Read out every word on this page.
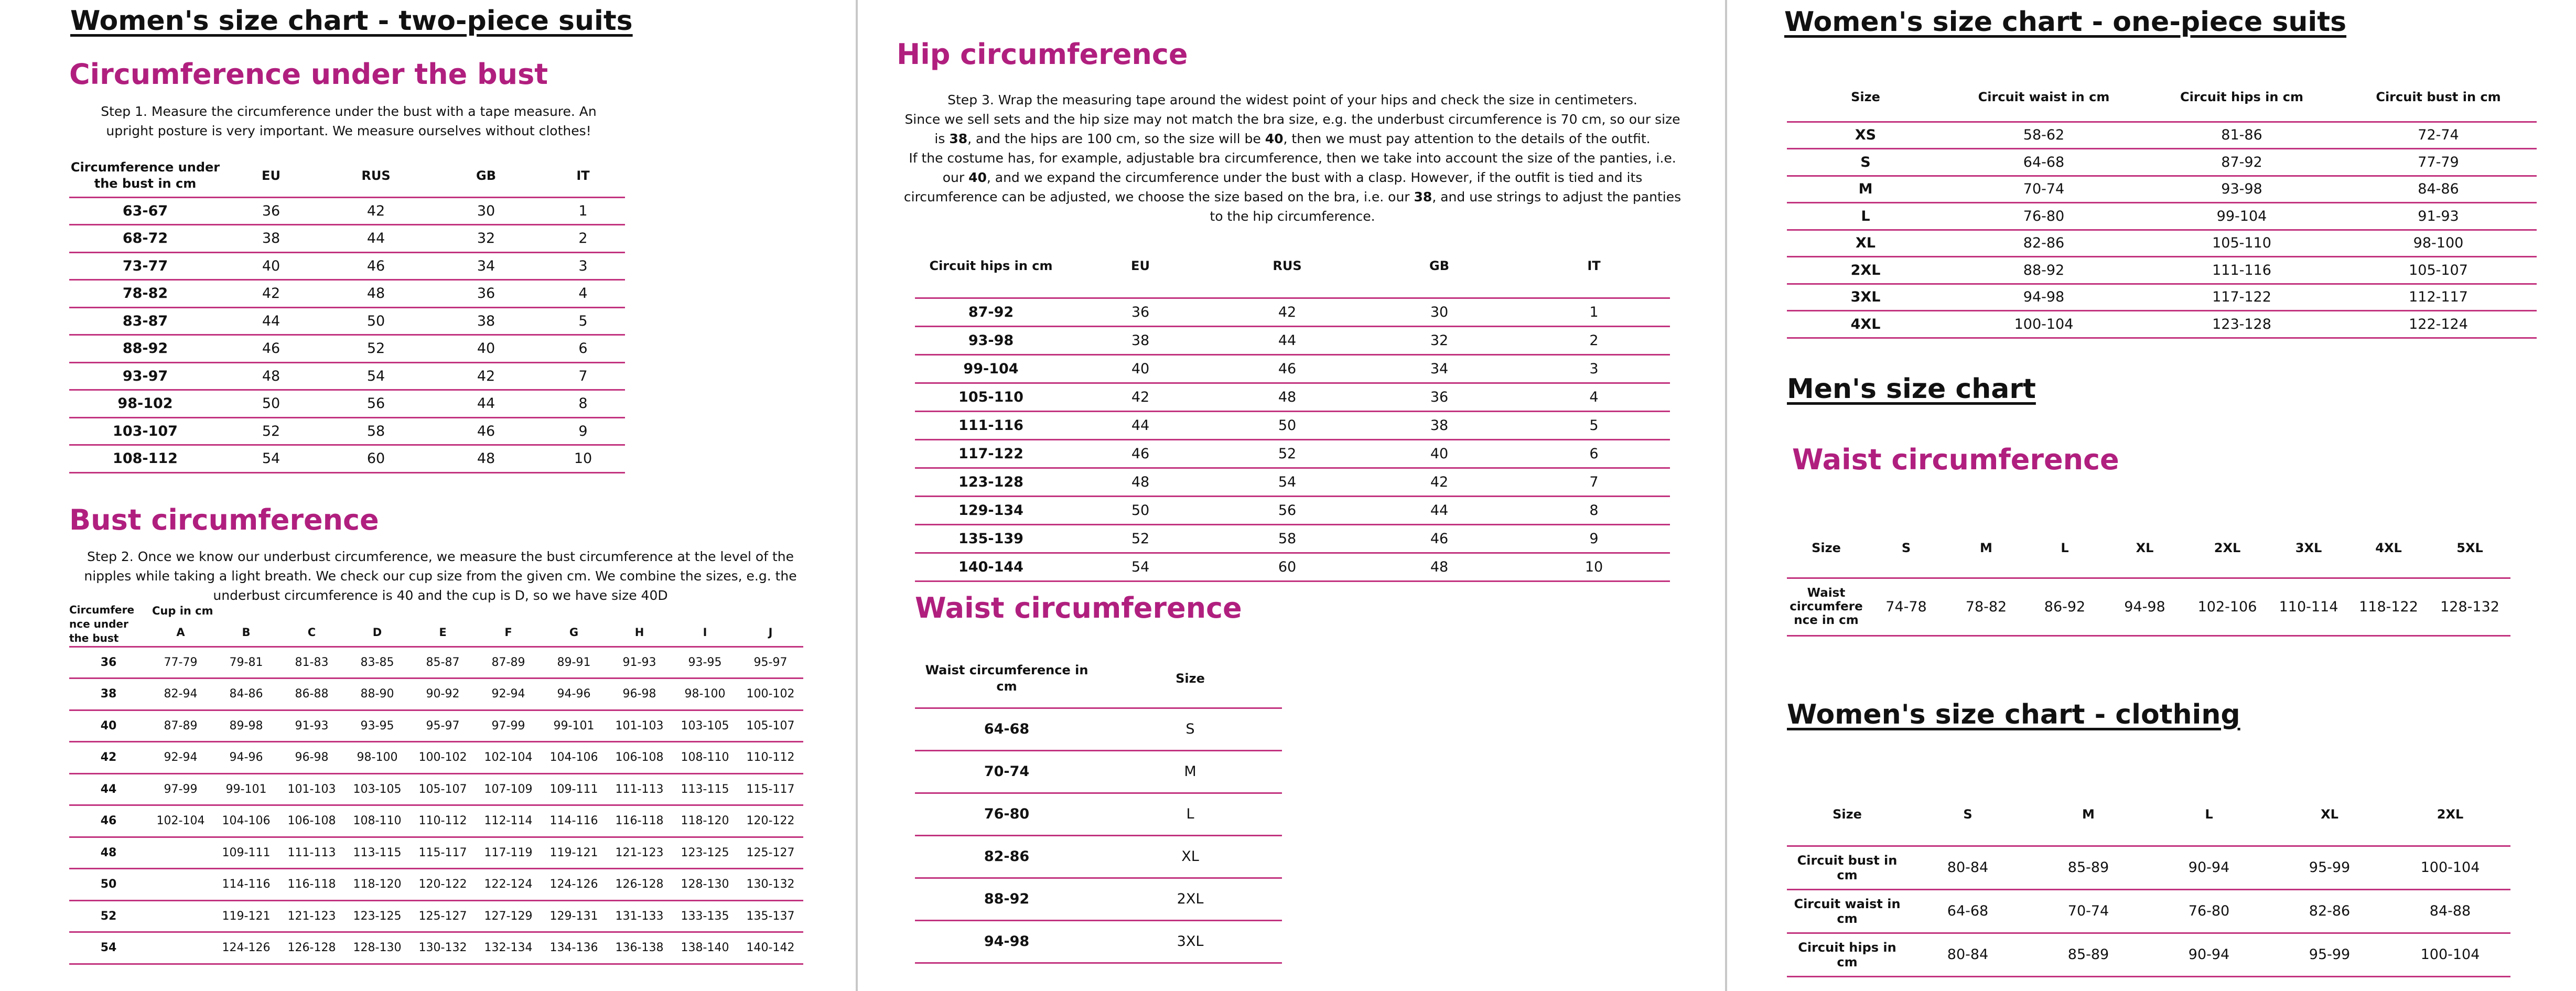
Women's size chart - two-piece suits
Circumference under the bust
Step 1. Measure the circumference under the bust with a tape measure. An upright posture is very important. We measure ourselves without clothes!
Circumference under the bust in cm	EU	RUS	GB	IT
63-67	36	42	30	1
68-72	38	44	32	2
73-77	40	46	34	3
78-82	42	48	36	4
83-87	44	50	38	5
88-92	46	52	40	6
93-97	48	54	42	7
98-102	50	56	44	8
103-107	52	58	46	9
108-112	54	60	48	10
Bust circumference
Step 2. Once we know our underbust circumference, we measure the bust circumference at the level of the nipples while taking a light breath. We check our cup size from the given cm. We combine the sizes, e.g. the underbust circumference is 40 and the cup is D, so we have size 40D
Circumfere nce under the bust	Cup in cm									
	A	B	C	D	E	F	G	H	I	J
36	77-79	79-81	81-83	83-85	85-87	87-89	89-91	91-93	93-95	95-97
38	82-94	84-86	86-88	88-90	90-92	92-94	94-96	96-98	98-100	100-102
40	87-89	89-98	91-93	93-95	95-97	97-99	99-101	101-103	103-105	105-107
42	92-94	94-96	96-98	98-100	100-102	102-104	104-106	106-108	108-110	110-112
44	97-99	99-101	101-103	103-105	105-107	107-109	109-111	111-113	113-115	115-117
46	102-104	104-106	106-108	108-110	110-112	112-114	114-116	116-118	118-120	120-122
48		109-111	111-113	113-115	115-117	117-119	119-121	121-123	123-125	125-127
50		114-116	116-118	118-120	120-122	122-124	124-126	126-128	128-130	130-132
52		119-121	121-123	123-125	125-127	127-129	129-131	131-133	133-135	135-137
54		124-126	126-128	128-130	130-132	132-134	134-136	136-138	138-140	140-142
Hip circumference
Step 3. Wrap the measuring tape around the widest point of your hips and check the size in centimeters.
Since we sell sets and the hip size may not match the bra size, e.g. the underbust circumference is 70 cm, so our size is 38, and the hips are 100 cm, so the size will be 40, then we must pay attention to the details of the outfit.
If the costume has, for example, adjustable bra circumference, then we take into account the size of the panties, i.e. our 40, and we expand the circumference under the bust with a clasp. However, if the outfit is tied and its circumference can be adjusted, we choose the size based on the bra, i.e. our 38, and use strings to adjust the panties to the hip circumference.
Circuit hips in cm	EU	RUS	GB	IT
87-92	36	42	30	1
93-98	38	44	32	2
99-104	40	46	34	3
105-110	42	48	36	4
111-116	44	50	38	5
117-122	46	52	40	6
123-128	48	54	42	7
129-134	50	56	44	8
135-139	52	58	46	9
140-144	54	60	48	10
Waist circumference
Waist circumference in cm	Size
64-68	S
70-74	M
76-80	L
82-86	XL
88-92	2XL
94-98	3XL
Women's size chart - one-piece suits
Size	Circuit waist in cm	Circuit hips in cm	Circuit bust in cm
XS	58-62	81-86	72-74
S	64-68	87-92	77-79
M	70-74	93-98	84-86
L	76-80	99-104	91-93
XL	82-86	105-110	98-100
2XL	88-92	111-116	105-107
3XL	94-98	117-122	112-117
4XL	100-104	123-128	122-124
Men's size chart
Waist circumference
Size	S	M	L	XL	2XL	3XL	4XL	5XL
Waist circumfere nce in cm	74-78	78-82	86-92	94-98	102-106	110-114	118-122	128-132
Women's size chart - clothing
Size	S	M	L	XL	2XL
Circuit bust in cm	80-84	85-89	90-94	95-99	100-104
Circuit waist in cm	64-68	70-74	76-80	82-86	84-88
Circuit hips in cm	80-84	85-89	90-94	95-99	100-104
